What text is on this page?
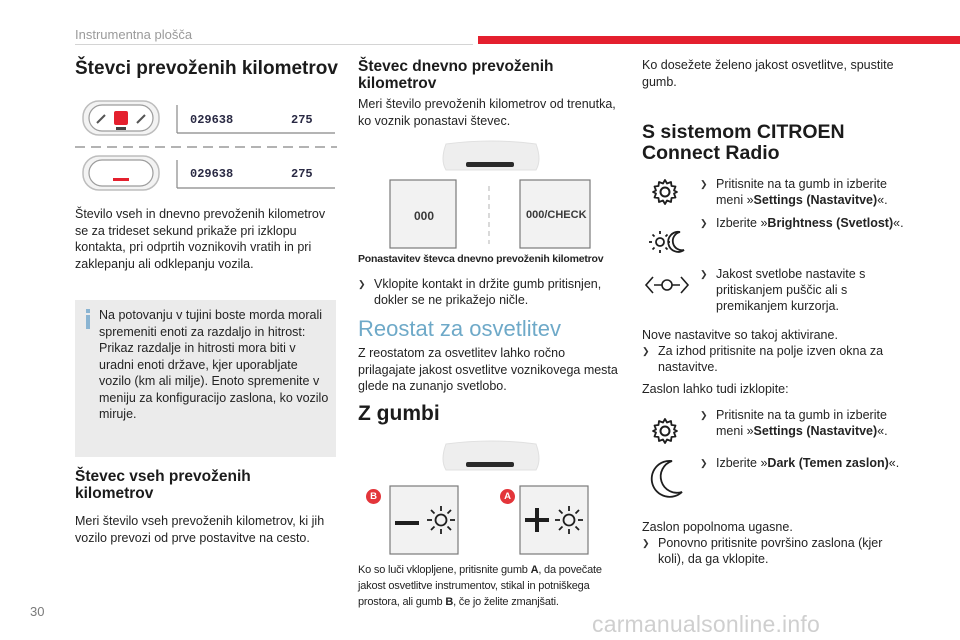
Instrumentna plošča
Števci prevoženih kilometrov
029638	275
029638	275

Število vseh in dnevno prevoženih kilometrov se za trideset sekund prikaže pri izklopu kontakta, pri odprtih voznikovih vratih in pri zaklepanju ali odklepanju vozila.

Na potovanju v tujini boste morda morali spremeniti enoti za razdaljo in hitrost: Prikaz razdalje in hitrosti mora biti v uradni enoti države, kjer uporabljate vozilo (km ali milje). Enoto spremenite v meniju za konfiguracijo zaslona, ko vozilo miruje.
Števec vseh prevoženih kilometrov

Meri število vseh prevoženih kilometrov, ki jih vozilo prevozi od prve postavitve na cesto.

Števec dnevno prevoženih kilometrov

Meri število prevoženih kilometrov od trenutka, ko voznik ponastavi števec.

000	000/CHECK

Ponastavitev števca dnevno prevoženih kilometrov

❯ Vklopite kontakt in držite gumb pritisnjen, dokler se ne prikažejo ničle.
Reostat za osvetlitev

Z reostatom za osvetlitev lahko ročno prilagajate jakost osvetlitve voznikovega mesta glede na zunanjo svetlobo.

Z gumbi
B	A

Ko so luči vklopljene, pritisnite gumb A, da povečate jakost osvetlitve instrumentov, stikal in potniškega prostora, ali gumb B, če jo želite zmanjšati.

Ko dosežete želeno jakost osvetlitve, spustite gumb.

S sistemom CITROEN Connect Radio
❯ Pritisnite na ta gumb in izberite meni »Settings (Nastavitve)«.
❯ Izberite »Brightness (Svetlost)«.
❯ Jakost svetlobe nastavite s pritiskanjem puščic ali s premikanjem kurzorja.

Nove nastavitve so takoj aktivirane.

❯ Za izhod pritisnite na polje izven okna za nastavitve.

Zaslon lahko tudi izklopite:

❯ Pritisnite na ta gumb in izberite meni »Settings (Nastavitve)«.
❯ Izberite »Dark (Temen zaslon)«.

Zaslon popolnoma ugasne.

❯ Ponovno pritisnite površino zaslona (kjer koli), da ga vklopite.
30	carmanualsonline.info
